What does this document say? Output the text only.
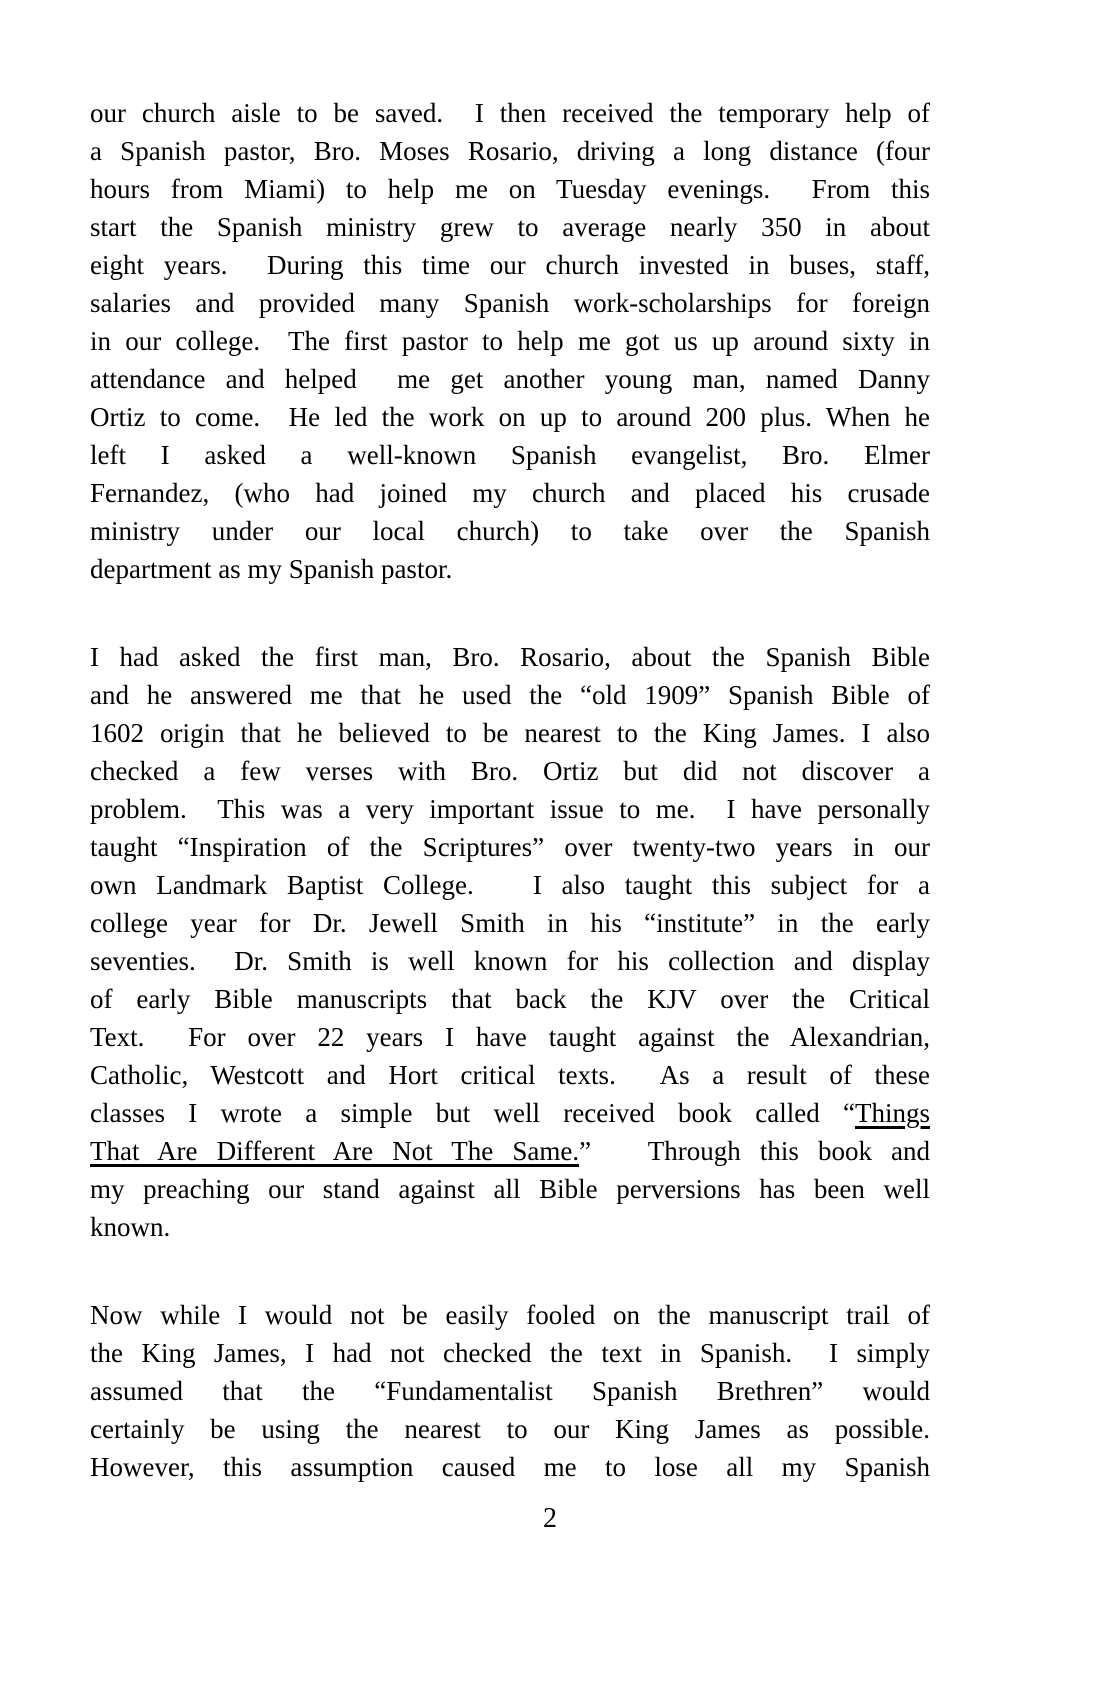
our church aisle to be saved.  I then received the temporary help of
a Spanish pastor, Bro. Moses Rosario, driving a long distance (four
hours from Miami) to help me on Tuesday evenings.  From this
start the Spanish ministry grew to average nearly 350 in about
eight years.  During this time our church invested in buses, staff,
salaries and provided many Spanish work-scholarships for foreign
in our college.  The first pastor to help me got us up around sixty in
attendance and helped  me get another young man, named Danny
Ortiz to come.  He led the work on up to around 200 plus. When he
left I asked a well-known Spanish evangelist, Bro. Elmer
Fernandez, (who had joined my church and placed his crusade
ministry under our local church) to take over the Spanish
department as my Spanish pastor.

I had asked the first man, Bro. Rosario, about the Spanish Bible
and he answered me that he used the “old 1909” Spanish Bible of
1602 origin that he believed to be nearest to the King James. I also
checked a few verses with Bro. Ortiz but did not discover a
problem.  This was a very important issue to me.  I have personally
taught “Inspiration of the Scriptures” over twenty-two years in our
own Landmark Baptist College.   I also taught this subject for a
college year for Dr. Jewell Smith in his “institute” in the early
seventies.  Dr. Smith is well known for his collection and display
of early Bible manuscripts that back the KJV over the Critical
Text.  For over 22 years I have taught against the Alexandrian,
Catholic, Westcott and Hort critical texts.  As a result of these
classes I wrote a simple but well received book called “Things
That Are Different Are Not The Same.”   Through this book and
my preaching our stand against all Bible perversions has been well
known.

Now while I would not be easily fooled on the manuscript trail of
the King James, I had not checked the text in Spanish.  I simply
assumed that the “Fundamentalist Spanish Brethren” would
certainly be using the nearest to our King James as possible.
However, this assumption caused me to lose all my Spanish

2
